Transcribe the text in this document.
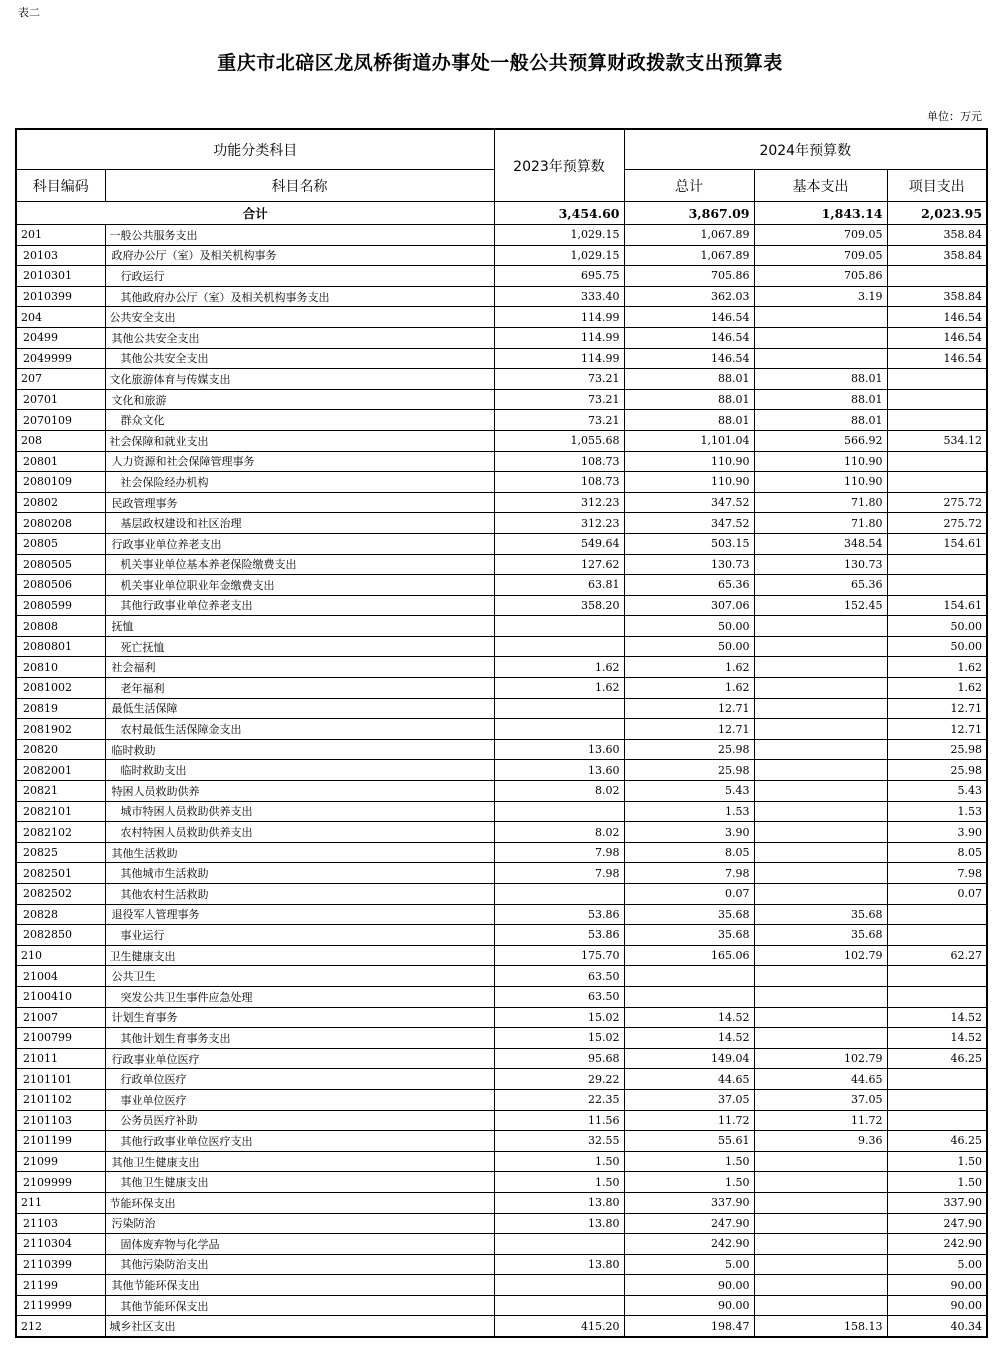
表二
重庆市北碚区龙凤桥街道办事处一般公共预算财政拨款支出预算表
单位：万元
功能分类科目		2023年预算数	2024年预算数		
科目编码	科目名称		总计	基本支出	项目支出
合计		3,454.60	3,867.09	1,843.14	2,023.95
201	一般公共服务支出	1,029.15	1,067.89	709.05	358.84
20103	政府办公厅（室）及相关机构事务	1,029.15	1,067.89	709.05	358.84
2010301	行政运行	695.75	705.86	705.86	
2010399	其他政府办公厅（室）及相关机构事务支出	333.40	362.03	3.19	358.84
204	公共安全支出	114.99	146.54		146.54
20499	其他公共安全支出	114.99	146.54		146.54
2049999	其他公共安全支出	114.99	146.54		146.54
207	文化旅游体育与传媒支出	73.21	88.01	88.01	
20701	文化和旅游	73.21	88.01	88.01	
2070109	群众文化	73.21	88.01	88.01	
208	社会保障和就业支出	1,055.68	1,101.04	566.92	534.12
20801	人力资源和社会保障管理事务	108.73	110.90	110.90	
2080109	社会保险经办机构	108.73	110.90	110.90	
20802	民政管理事务	312.23	347.52	71.80	275.72
2080208	基层政权建设和社区治理	312.23	347.52	71.80	275.72
20805	行政事业单位养老支出	549.64	503.15	348.54	154.61
2080505	机关事业单位基本养老保险缴费支出	127.62	130.73	130.73	
2080506	机关事业单位职业年金缴费支出	63.81	65.36	65.36	
2080599	其他行政事业单位养老支出	358.20	307.06	152.45	154.61
20808	抚恤		50.00		50.00
2080801	死亡抚恤		50.00		50.00
20810	社会福利	1.62	1.62		1.62
2081002	老年福利	1.62	1.62		1.62
20819	最低生活保障		12.71		12.71
2081902	农村最低生活保障金支出		12.71		12.71
20820	临时救助	13.60	25.98		25.98
2082001	临时救助支出	13.60	25.98		25.98
20821	特困人员救助供养	8.02	5.43		5.43
2082101	城市特困人员救助供养支出		1.53		1.53
2082102	农村特困人员救助供养支出	8.02	3.90		3.90
20825	其他生活救助	7.98	8.05		8.05
2082501	其他城市生活救助	7.98	7.98		7.98
2082502	其他农村生活救助		0.07		0.07
20828	退役军人管理事务	53.86	35.68	35.68	
2082850	事业运行	53.86	35.68	35.68	
210	卫生健康支出	175.70	165.06	102.79	62.27
21004	公共卫生	63.50			
2100410	突发公共卫生事件应急处理	63.50			
21007	计划生育事务	15.02	14.52		14.52
2100799	其他计划生育事务支出	15.02	14.52		14.52
21011	行政事业单位医疗	95.68	149.04	102.79	46.25
2101101	行政单位医疗	29.22	44.65	44.65	
2101102	事业单位医疗	22.35	37.05	37.05	
2101103	公务员医疗补助	11.56	11.72	11.72	
2101199	其他行政事业单位医疗支出	32.55	55.61	9.36	46.25
21099	其他卫生健康支出	1.50	1.50		1.50
2109999	其他卫生健康支出	1.50	1.50		1.50
211	节能环保支出	13.80	337.90		337.90
21103	污染防治	13.80	247.90		247.90
2110304	固体废弃物与化学品		242.90		242.90
2110399	其他污染防治支出	13.80	5.00		5.00
21199	其他节能环保支出		90.00		90.00
2119999	其他节能环保支出		90.00		90.00
212	城乡社区支出	415.20	198.47	158.13	40.34
